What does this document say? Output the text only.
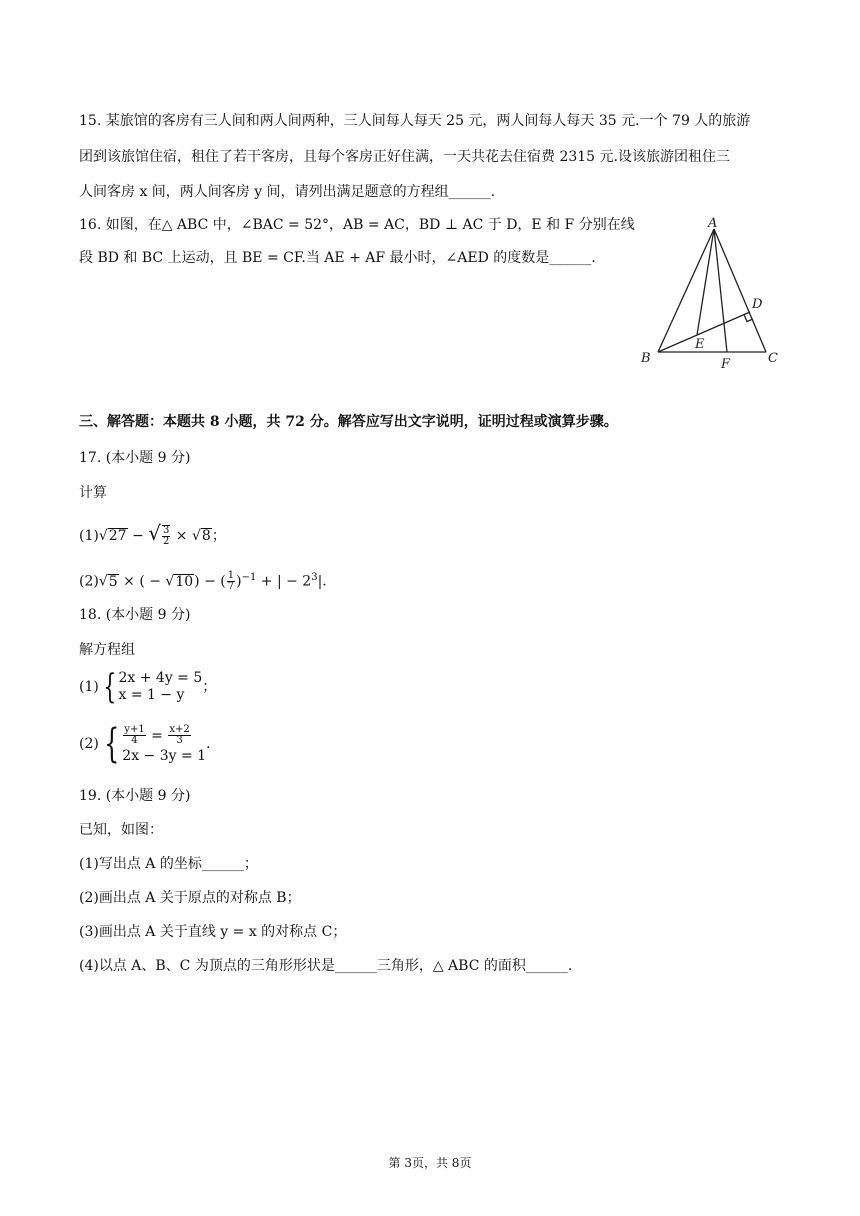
15. 某旅馆的客房有三人间和两人间两种，三人间每人每天 25 元，两人间每人每天 35 元.一个 79 人的旅游
团到该旅馆住宿，租住了若干客房，且每个客房正好住满，一天共花去住宿费 2315 元.设该旅游团租住三
人间客房 x 间，两人间客房 y 间，请列出满足题意的方程组______.
16. 如图，在△ ABC 中，∠BAC = 52°，AB = AC，BD ⊥ AC 于 D，E 和 F 分别在线
段 BD 和 BC 上运动，且 BE = CF.当 AE + AF 最小时，∠AED 的度数是______.
A
B	C
D
E
F
三、解答题：本题共 8 小题，共 72 分。解答应写出文字说明，证明过程或演算步骤。
17. (本小题 9 分)
计算
(1)√27 − √ $\frac{3}{2} \times √8$；
(2)√5 × ( − √10) − ( $\frac{1}{7} )^{-1}$ + | − $2^3|$.
18. (本小题 9 分)
解方程组
(1) { 2x + 4y = 5
x = 1 − y	；
(2) { $\frac{y+1}{4} = \frac{x+2}{3}$
2x − 3y = 1
.
19. (本小题 9 分)
已知，如图：
(1)写出点 A 的坐标______；
(2)画出点 A 关于原点的对称点 B；
(3)画出点 A 关于直线 y = x 的对称点 C；
(4)以点 A、B、C 为顶点的三角形形状是______三角形，△ ABC 的面积______.
第 3页，共 8页
